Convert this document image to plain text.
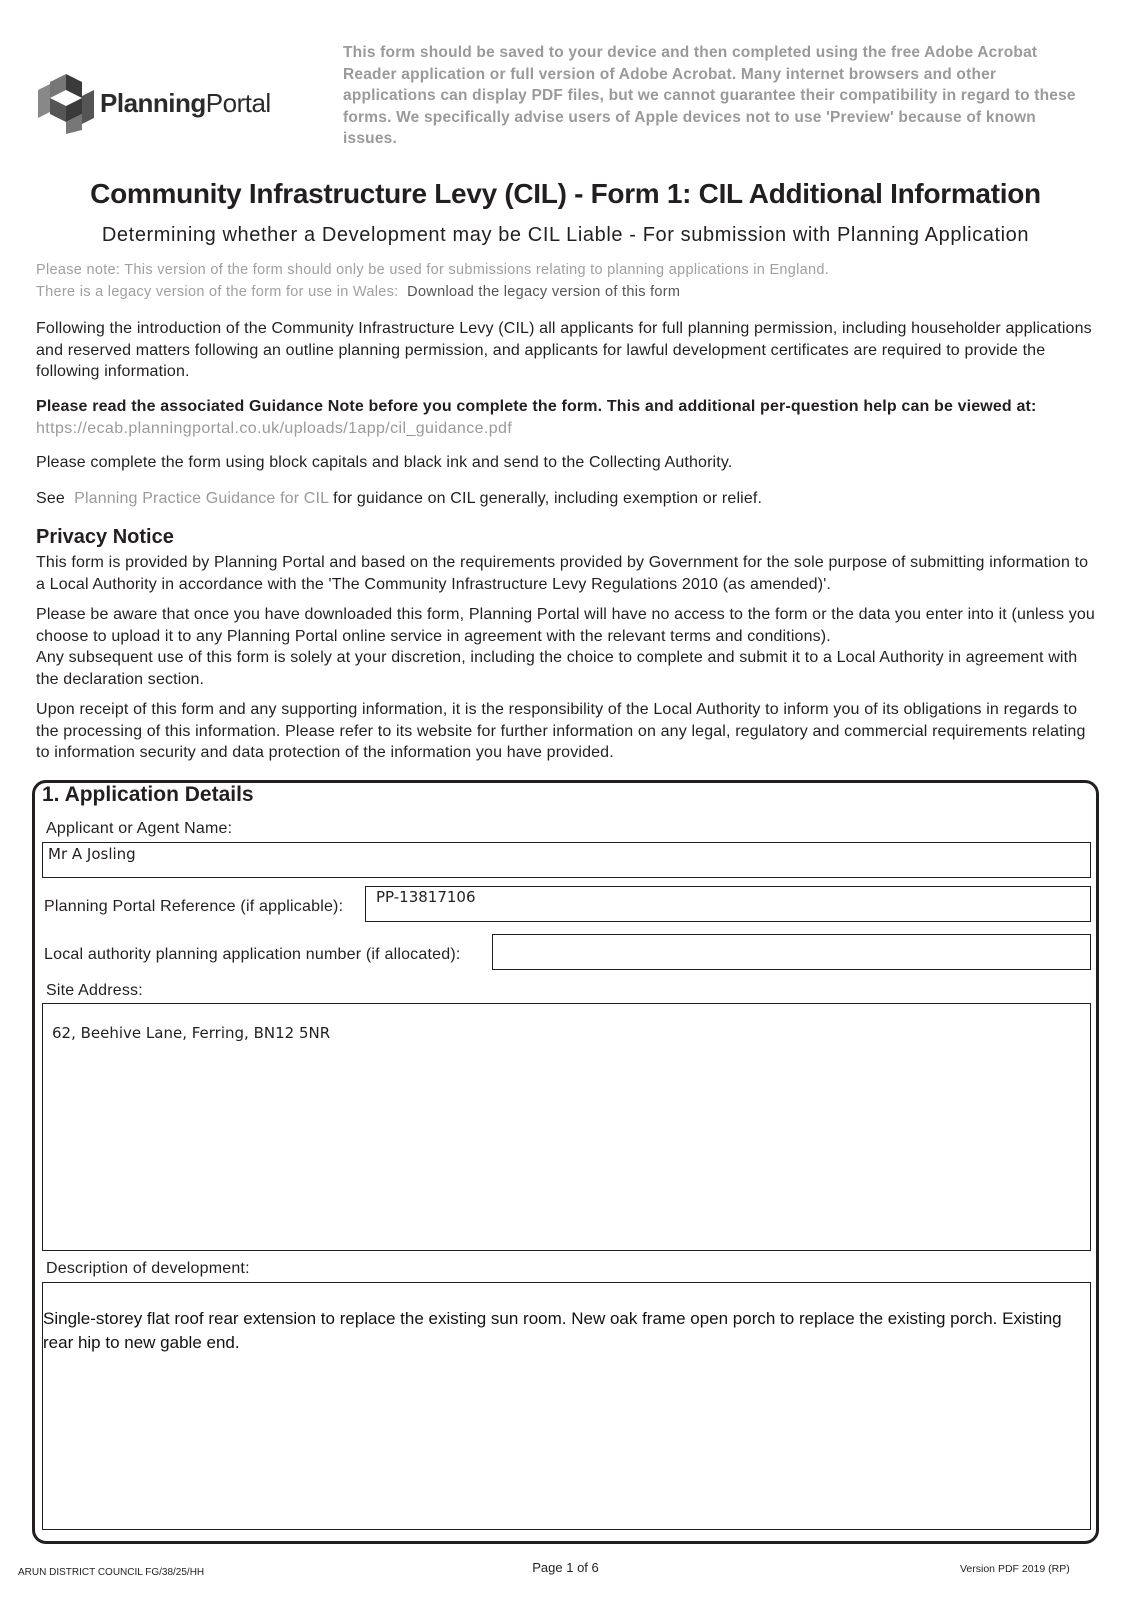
PlanningPortal
This form should be saved to your device and then completed using the free Adobe Acrobat Reader application or full version of Adobe Acrobat. Many internet browsers and other applications can display PDF files, but we cannot guarantee their compatibility in regard to these forms. We specifically advise users of Apple devices not to use 'Preview' because of known issues.
Community Infrastructure Levy (CIL) - Form 1: CIL Additional Information
Determining whether a Development may be CIL Liable - For submission with Planning Application
Please note: This version of the form should only be used for submissions relating to planning applications in England.
There is a legacy version of the form for use in Wales: Download the legacy version of this form
Following the introduction of the Community Infrastructure Levy (CIL) all applicants for full planning permission, including householder applications and reserved matters following an outline planning permission, and applicants for lawful development certificates are required to provide the following information.
Please read the associated Guidance Note before you complete the form. This and additional per-question help can be viewed at:
https://ecab.planningportal.co.uk/uploads/1app/cil_guidance.pdf
Please complete the form using block capitals and black ink and send to the Collecting Authority.
See Planning Practice Guidance for CIL for guidance on CIL generally, including exemption or relief.
Privacy Notice
This form is provided by Planning Portal and based on the requirements provided by Government for the sole purpose of submitting information to a Local Authority in accordance with the 'The Community Infrastructure Levy Regulations 2010 (as amended)'.
Please be aware that once you have downloaded this form, Planning Portal will have no access to the form or the data you enter into it (unless you choose to upload it to any Planning Portal online service in agreement with the relevant terms and conditions).
Any subsequent use of this form is solely at your discretion, including the choice to complete and submit it to a Local Authority in agreement with the declaration section.
Upon receipt of this form and any supporting information, it is the responsibility of the Local Authority to inform you of its obligations in regards to the processing of this information. Please refer to its website for further information on any legal, regulatory and commercial requirements relating to information security and data protection of the information you have provided.
1. Application Details
Applicant or Agent Name:
Mr A Josling
Planning Portal Reference (if applicable):
PP-13817106
Local authority planning application number (if allocated):
Site Address:
62, Beehive Lane, Ferring, BN12 5NR
Description of development:
Single-storey flat roof rear extension to replace the existing sun room. New oak frame open porch to replace the existing porch. Existing rear hip to new gable end.
ARUN DISTRICT COUNCIL FG/38/25/HH	Page 1 of 6	Version PDF 2019 (RP)
